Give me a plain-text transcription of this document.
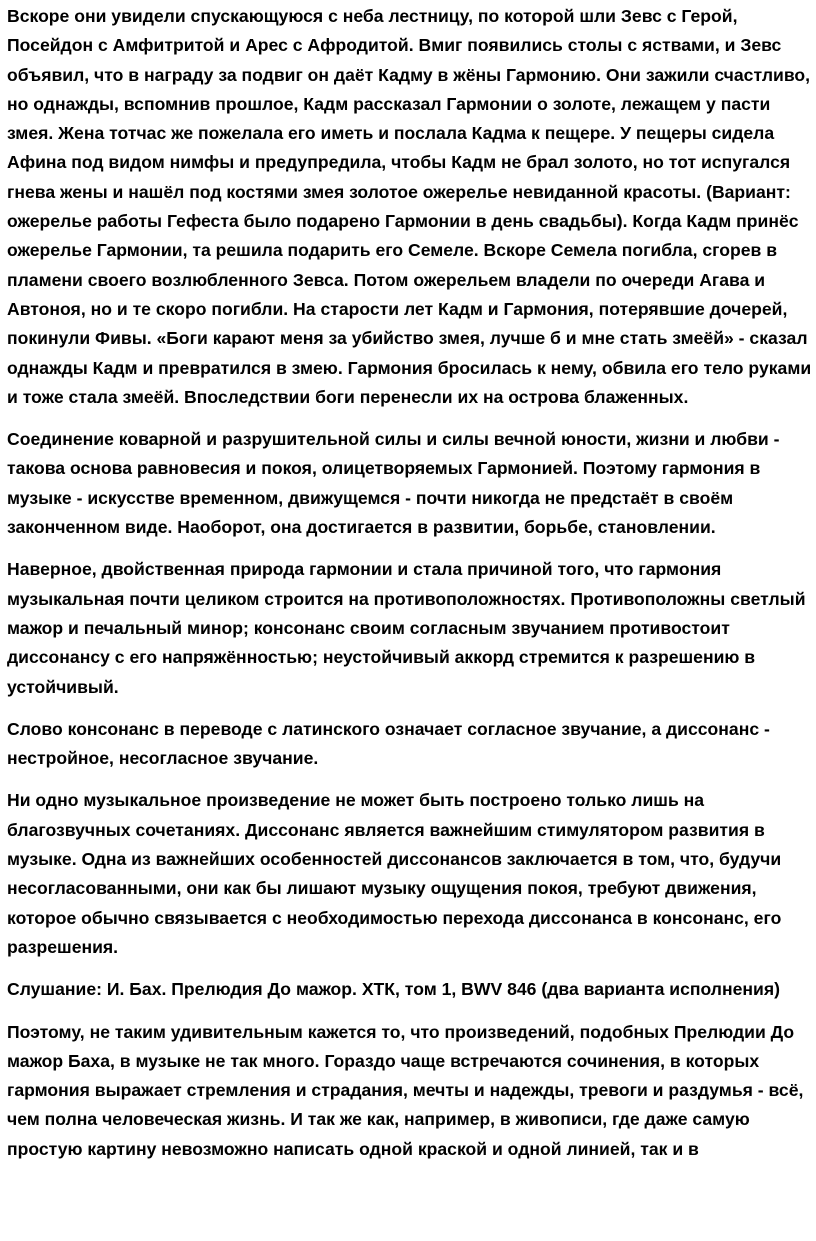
Вскоре они увидели спускающуюся с неба лестницу, по которой шли Зевс с Герой, Посейдон с Амфитритой и Арес с Афродитой. Вмиг появились столы с яствами, и Зевс объявил, что в награду за подвиг он даёт Кадму в жёны Гармонию. Они зажили счастливо, но однажды, вспомнив прошлое, Кадм рассказал Гармонии о золоте, лежащем у пасти змея. Жена тотчас же пожелала его иметь и послала Кадма к пещере. У пещеры сидела Афина под видом нимфы и предупредила, чтобы Кадм не брал золото, но тот испугался гнева жены и нашёл под костями змея золотое ожерелье невиданной красоты. (Вариант: ожерелье работы Гефеста было подарено Гармонии в день свадьбы). Когда Кадм принёс ожерелье Гармонии, та решила подарить его Семеле. Вскоре Семела погибла, сгорев в пламени своего возлюбленного Зевса. Потом ожерельем владели по очереди Агава и Автоноя, но и те скоро погибли. На старости лет Кадм и Гармония, потерявшие дочерей, покинули Фивы. «Боги карают меня за убийство змея, лучше б и мне стать змеёй» - сказал однажды Кадм и превратился в змею. Гармония бросилась к нему, обвила его тело руками и тоже стала змеёй. Впоследствии боги перенесли их на острова блаженных.

Соединение коварной и разрушительной силы и силы вечной юности, жизни и любви - такова основа равновесия и покоя, олицетворяемых Гармонией. Поэтому гармония в музыке - искусстве временном, движущемся - почти никогда не предстаёт в своём законченном виде. Наоборот, она достигается в развитии, борьбе, становлении.

Наверное, двойственная природа гармонии и стала причиной того, что гармония музыкальная почти целиком строится на противоположностях. Противоположны светлый мажор и печальный минор; консонанс своим согласным звучанием противостоит диссонансу с его напряжённостью; неустойчивый аккорд стремится к разрешению в устойчивый.

Слово консонанс в переводе с латинского означает согласное звучание, а диссонанс - нестройное, несогласное звучание.

Ни одно музыкальное произведение не может быть построено только лишь на благозвучных сочетаниях. Диссонанс является важнейшим стимулятором развития в музыке. Одна из важнейших особенностей диссонансов заключается в том, что, будучи несогласованными, они как бы лишают музыку ощущения покоя, требуют движения, которое обычно связывается с необходимостью перехода диссонанса в консонанс, его разрешения.

Слушание: И. Бах. Прелюдия До мажор. ХТК, том 1, BWV 846 (два варианта исполнения)

Поэтому, не таким удивительным кажется то, что произведений, подобных Прелюдии До мажор Баха, в музыке не так много. Гораздо чаще встречаются сочинения, в которых гармония выражает стремления и страдания, мечты и надежды, тревоги и раздумья - всё, чем полна человеческая жизнь. И так же как, например, в живописи, где даже самую простую картину невозможно написать одной краской и одной линией, так и в
